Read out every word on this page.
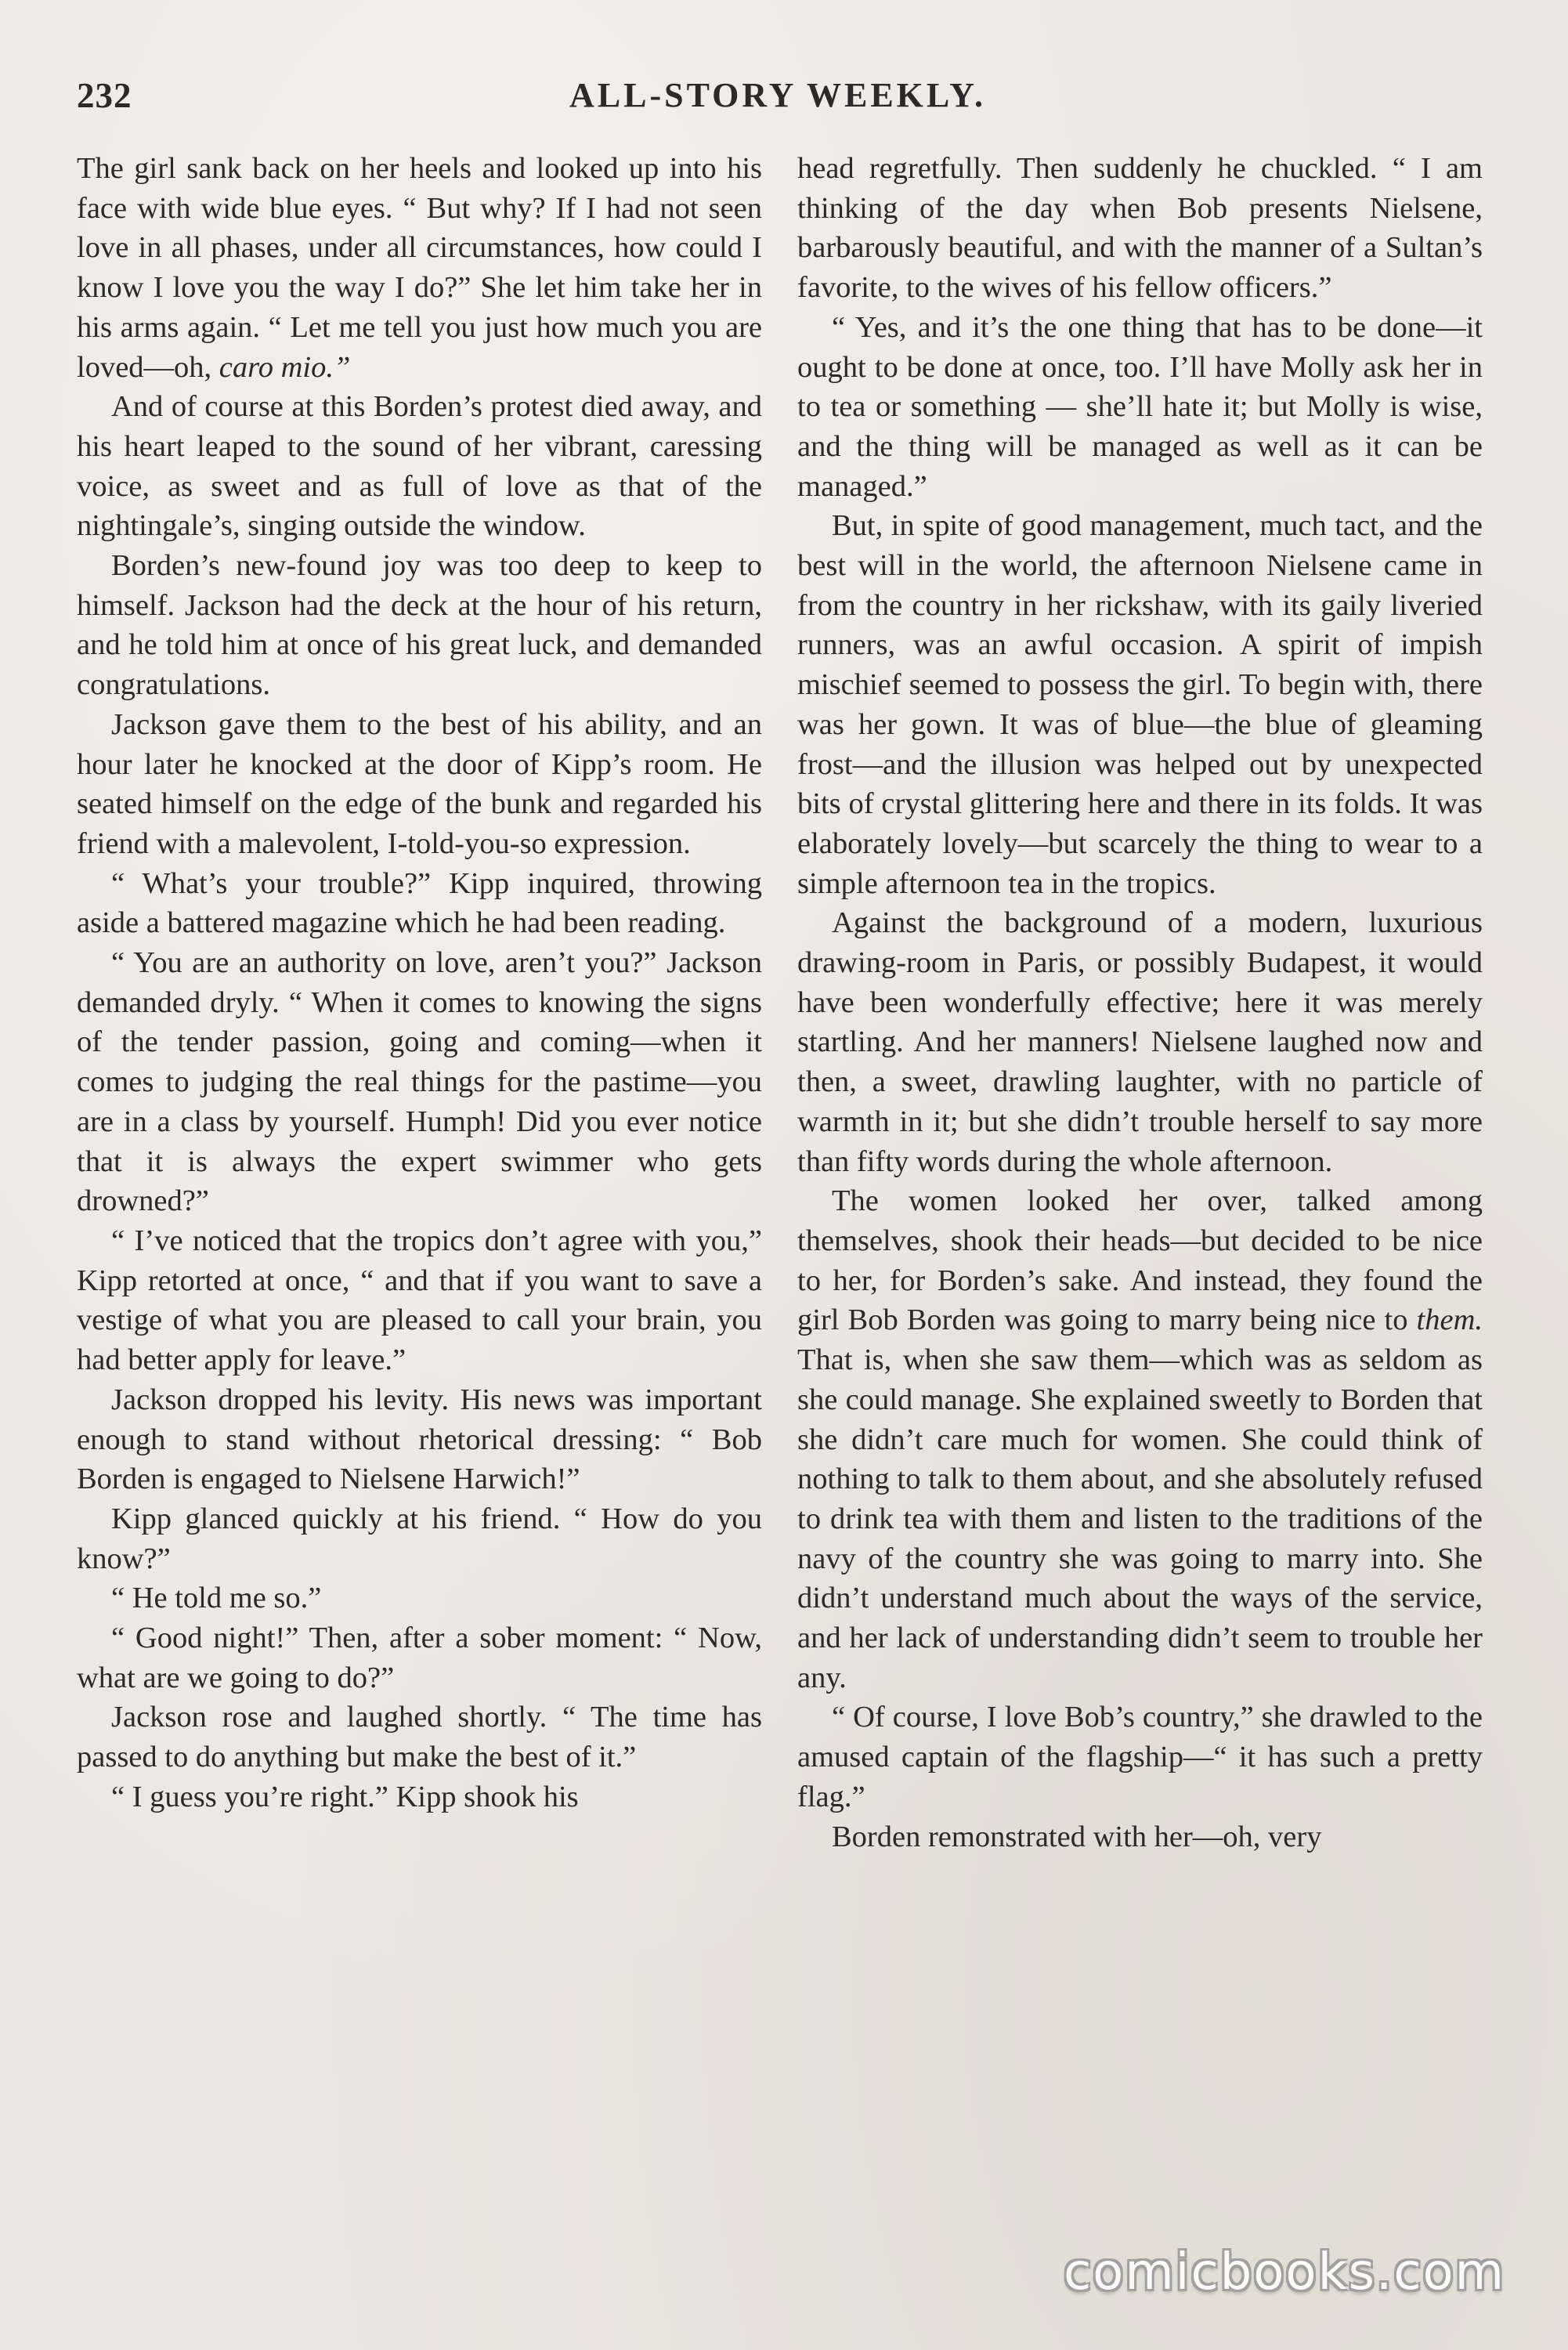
232	ALL-STORY WEEKLY.

The girl sank back on her heels and looked up into his face with wide blue eyes. “ But why? If I had not seen love in all phases, under all circumstances, how could I know I love you the way I do?” She let him take her in his arms again. “ Let me tell you just how much you are loved—oh, caro mio.”

And of course at this Borden’s protest died away, and his heart leaped to the sound of her vibrant, caressing voice, as sweet and as full of love as that of the nightingale’s, singing outside the window.

Borden’s new-found joy was too deep to keep to himself. Jackson had the deck at the hour of his return, and he told him at once of his great luck, and demanded congratulations.

Jackson gave them to the best of his ability, and an hour later he knocked at the door of Kipp’s room. He seated himself on the edge of the bunk and regarded his friend with a malevolent, I-told-you-so expression.

“ What’s your trouble?” Kipp inquired, throwing aside a battered magazine which he had been reading.

“ You are an authority on love, aren’t you?” Jackson demanded dryly. “ When it comes to knowing the signs of the tender passion, going and coming—when it comes to judging the real things for the pastime—you are in a class by yourself. Humph! Did you ever notice that it is always the expert swimmer who gets drowned?”

“ I’ve noticed that the tropics don’t agree with you,” Kipp retorted at once, “ and that if you want to save a vestige of what you are pleased to call your brain, you had better apply for leave.”

Jackson dropped his levity. His news was important enough to stand without rhetorical dressing: “ Bob Borden is engaged to Nielsene Harwich!”

Kipp glanced quickly at his friend. “ How do you know?”

“ He told me so.”

“ Good night!” Then, after a sober moment: “ Now, what are we going to do?”

Jackson rose and laughed shortly. “ The time has passed to do anything but make the best of it.”

“ I guess you’re right.” Kipp shook his

head regretfully. Then suddenly he chuckled. “ I am thinking of the day when Bob presents Nielsene, barbarously beautiful, and with the manner of a Sultan’s favorite, to the wives of his fellow officers.”

“ Yes, and it’s the one thing that has to be done—it ought to be done at once, too. I’ll have Molly ask her in to tea or something — she’ll hate it; but Molly is wise, and the thing will be managed as well as it can be managed.”

But, in spite of good management, much tact, and the best will in the world, the afternoon Nielsene came in from the country in her rickshaw, with its gaily liveried runners, was an awful occasion. A spirit of impish mischief seemed to possess the girl. To begin with, there was her gown. It was of blue—the blue of gleaming frost—and the illusion was helped out by unexpected bits of crystal glittering here and there in its folds. It was elaborately lovely—but scarcely the thing to wear to a simple afternoon tea in the tropics.

Against the background of a modern, luxurious drawing-room in Paris, or possibly Budapest, it would have been wonderfully effective; here it was merely startling. And her manners! Nielsene laughed now and then, a sweet, drawling laughter, with no particle of warmth in it; but she didn’t trouble herself to say more than fifty words during the whole afternoon.

The women looked her over, talked among themselves, shook their heads—but decided to be nice to her, for Borden’s sake. And instead, they found the girl Bob Borden was going to marry being nice to them. That is, when she saw them—which was as seldom as she could manage. She explained sweetly to Borden that she didn’t care much for women. She could think of nothing to talk to them about, and she absolutely refused to drink tea with them and listen to the traditions of the navy of the country she was going to marry into. She didn’t understand much about the ways of the service, and her lack of understanding didn’t seem to trouble her any.

“ Of course, I love Bob’s country,” she drawled to the amused captain of the flagship—“ it has such a pretty flag.”

Borden remonstrated with her—oh, very

comicbooks.com
